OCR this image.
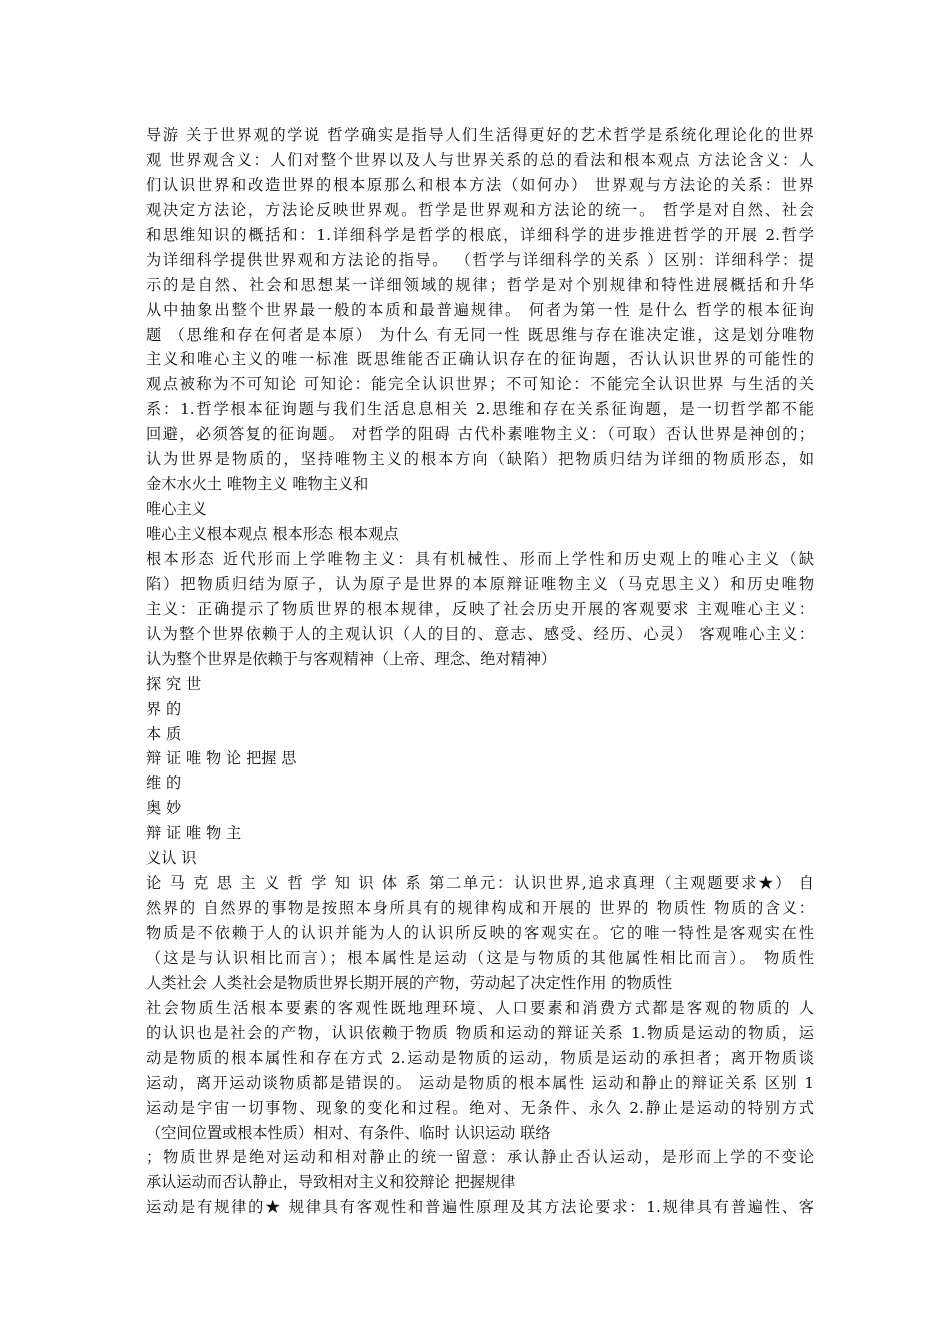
导游 关于世界观的学说 哲学确实是指导人们生活得更好的艺术哲学是系统化理论化的世界
观 世界观含义：人们对整个世界以及人与世界关系的总的看法和根本观点 方法论含义：人
们认识世界和改造世界的根本原那么和根本方法（如何办） 世界观与方法论的关系：世界
观决定方法论，方法论反映世界观。哲学是世界观和方法论的统一。 哲学是对自然、社会
和思维知识的概括和：1.详细科学是哲学的根底，详细科学的进步推进哲学的开展 2.哲学
为详细科学提供世界观和方法论的指导。 （哲学与详细科学的关系 ）区别：详细科学：提
示的是自然、社会和思想某一详细领域的规律；哲学是对个别规律和特性进展概括和升华
从中抽象出整个世界最一般的本质和最普遍规律。 何者为第一性 是什么 哲学的根本征询
题 （思维和存在何者是本原） 为什么 有无同一性 既思维与存在谁决定谁，这是划分唯物
主义和唯心主义的唯一标准 既思维能否正确认识存在的征询题，否认认识世界的可能性的
观点被称为不可知论 可知论：能完全认识世界；不可知论：不能完全认识世界 与生活的关
系：1.哲学根本征询题与我们生活息息相关 2.思维和存在关系征询题，是一切哲学都不能
回避，必须答复的征询题。 对哲学的阻碍 古代朴素唯物主义：（可取）否认世界是神创的；
认为世界是物质的，坚持唯物主义的根本方向（缺陷）把物质归结为详细的物质形态，如
金木水火土 唯物主义 唯物主义和
唯心主义
唯心主义根本观点 根本形态 根本观点
根本形态 近代形而上学唯物主义：具有机械性、形而上学性和历史观上的唯心主义（缺
陷）把物质归结为原子，认为原子是世界的本原辩证唯物主义（马克思主义）和历史唯物
主义：正确提示了物质世界的根本规律，反映了社会历史开展的客观要求 主观唯心主义：
认为整个世界依赖于人的主观认识（人的目的、意志、感受、经历、心灵） 客观唯心主义：
认为整个世界是依赖于与客观精神（上帝、理念、绝对精神）
探 究 世
界 的
本 质
辩 证 唯 物 论 把握 思
维 的
奥 妙
辩 证 唯 物 主
义认 识
论 马 克 思 主 义 哲 学 知 识 体 系 第二单元：认识世界,追求真理（主观题要求★） 自
然界的 自然界的事物是按照本身所具有的规律构成和开展的 世界的 物质性 物质的含义：
物质是不依赖于人的认识并能为人的认识所反映的客观实在。它的唯一特性是客观实在性
（这是与认识相比而言）；根本属性是运动（这是与物质的其他属性相比而言）。 物质性
人类社会 人类社会是物质世界长期开展的产物，劳动起了决定性作用 的物质性
社会物质生活根本要素的客观性既地理环境、人口要素和消费方式都是客观的物质的 人
的认识也是社会的产物，认识依赖于物质 物质和运动的辩证关系 1.物质是运动的物质，运
动是物质的根本属性和存在方式 2.运动是物质的运动，物质是运动的承担者；离开物质谈
运动，离开运动谈物质都是错误的。 运动是物质的根本属性 运动和静止的辩证关系 区别 1
运动是宇宙一切事物、现象的变化和过程。绝对、无条件、永久 2.静止是运动的特别方式
（空间位置或根本性质）相对、有条件、临时 认识运动 联络
；物质世界是绝对运动和相对静止的统一留意：承认静止否认运动，是形而上学的不变论
承认运动而否认静止，导致相对主义和狡辩论 把握规律
运动是有规律的★ 规律具有客观性和普遍性原理及其方法论要求：1.规律具有普遍性、客
